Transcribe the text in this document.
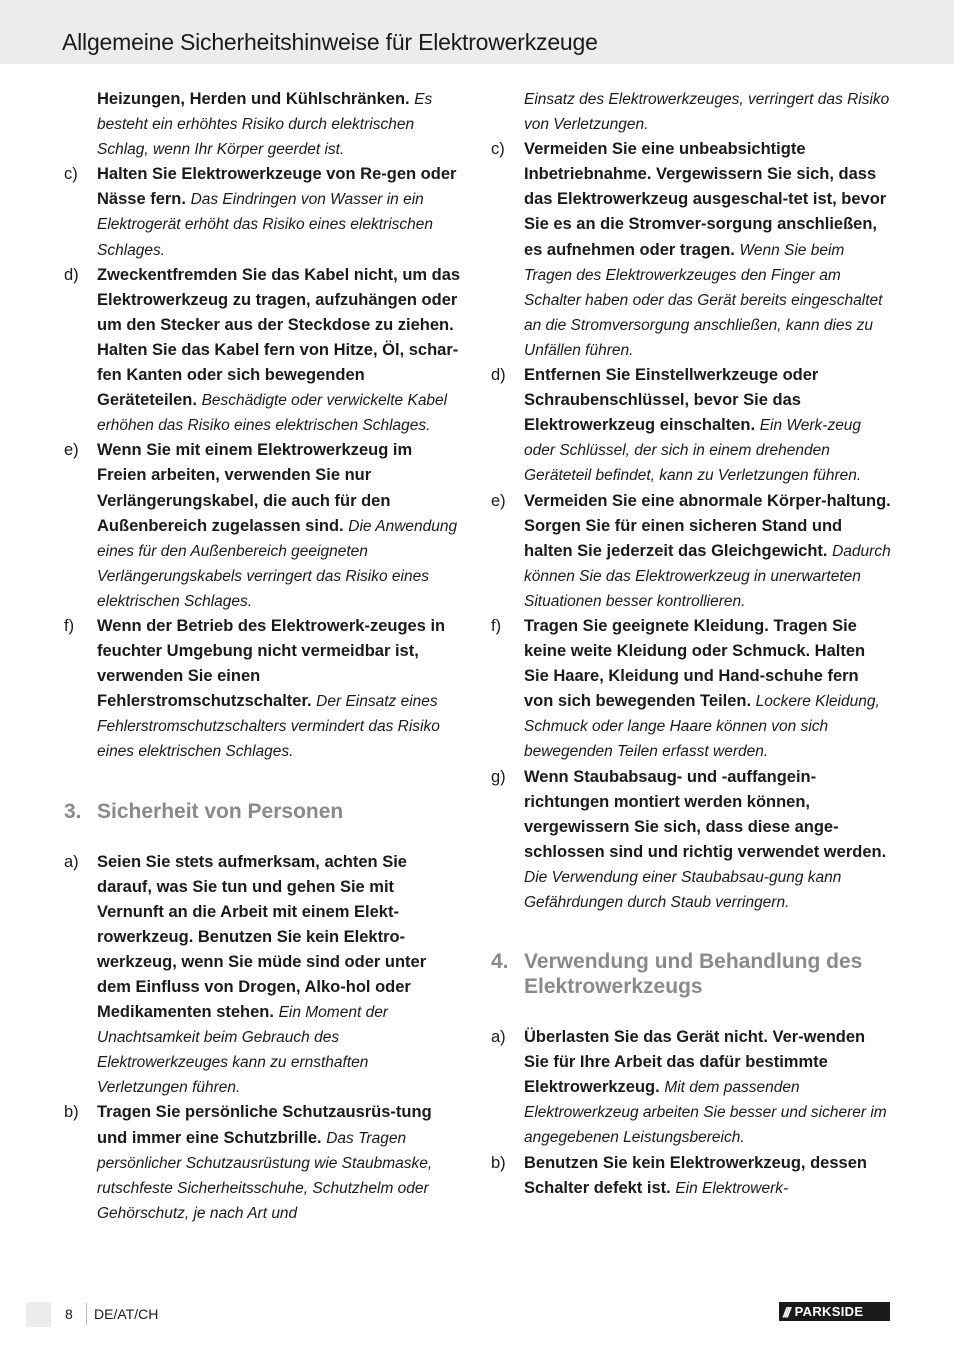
Allgemeine Sicherheitshinweise für Elektrowerkzeuge
Heizungen, Herden und Kühlschränken. Es besteht ein erhöhtes Risiko durch elektrischen Schlag, wenn Ihr Körper geerdet ist.
c) Halten Sie Elektrowerkzeuge von Re-gen oder Nässe fern. Das Eindringen von Wasser in ein Elektrogerät erhöht das Risiko eines elektrischen Schlages.
d) Zweckentfremden Sie das Kabel nicht, um das Elektrowerkzeug zu tragen, aufzuhängen oder um den Stecker aus der Steckdose zu ziehen. Halten Sie das Kabel fern von Hitze, Öl, schar-fen Kanten oder sich bewegenden Geräteteilen. Beschädigte oder verwickelte Kabel erhöhen das Risiko eines elektrischen Schlages.
e) Wenn Sie mit einem Elektrowerkzeug im Freien arbeiten, verwenden Sie nur Verlängerungskabel, die auch für den Außenbereich zugelassen sind. Die Anwendung eines für den Außenbereich geeigneten Verlängerungskabels verringert das Risiko eines elektrischen Schlages.
f) Wenn der Betrieb des Elektrowerk-zeuges in feuchter Umgebung nicht vermeidbar ist, verwenden Sie einen Fehlerstromschutzschalter. Der Einsatz eines Fehlerstromschutzschalters vermindert das Risiko eines elektrischen Schlages.
3. Sicherheit von Personen
a) Seien Sie stets aufmerksam, achten Sie darauf, was Sie tun und gehen Sie mit Vernunft an die Arbeit mit einem Elekt-rowerkzeug. Benutzen Sie kein Elektro-werkzeug, wenn Sie müde sind oder unter dem Einfluss von Drogen, Alko-hol oder Medikamenten stehen. Ein Moment der Unachtsamkeit beim Gebrauch des Elektrowerkzeuges kann zu ernsthaften Verletzungen führen.
b) Tragen Sie persönliche Schutzausrüs-tung und immer eine Schutzbrille. Das Tragen persönlicher Schutzausrüstung wie Staubmaske, rutschfeste Sicherheitsschuhe, Schutzhelm oder Gehörschutz, je nach Art und
Einsatz des Elektrowerkzeuges, verringert das Risiko von Verletzungen.
c) Vermeiden Sie eine unbeabsichtigte Inbetriebnahme. Vergewissern Sie sich, dass das Elektrowerkzeug ausgeschal-tet ist, bevor Sie es an die Stromver-sorgung anschließen, es aufnehmen oder tragen. Wenn Sie beim Tragen des Elektrowerkzeuges den Finger am Schalter haben oder das Gerät bereits eingeschaltet an die Stromversorgung anschließen, kann dies zu Unfällen führen.
d) Entfernen Sie Einstellwerkzeuge oder Schraubenschlüssel, bevor Sie das Elektrowerkzeug einschalten. Ein Werk-zeug oder Schlüssel, der sich in einem drehenden Geräteteil befindet, kann zu Verletzungen führen.
e) Vermeiden Sie eine abnormale Körper-haltung. Sorgen Sie für einen sicheren Stand und halten Sie jederzeit das Gleichgewicht. Dadurch können Sie das Elektrowerkzeug in unerwarteten Situationen besser kontrollieren.
f) Tragen Sie geeignete Kleidung. Tragen Sie keine weite Kleidung oder Schmuck. Halten Sie Haare, Kleidung und Hand-schuhe fern von sich bewegenden Teilen. Lockere Kleidung, Schmuck oder lange Haare können von sich bewegenden Teilen erfasst werden.
g) Wenn Staubabsaug- und -auffangein-richtungen montiert werden können, vergewissern Sie sich, dass diese ange-schlossen sind und richtig verwendet werden. Die Verwendung einer Staubabsau-gung kann Gefährdungen durch Staub verringern.
4. Verwendung und Behandlung des Elektrowerkzeugs
a) Überlasten Sie das Gerät nicht. Ver-wenden Sie für Ihre Arbeit das dafür bestimmte Elektrowerkzeug. Mit dem passenden Elektrowerkzeug arbeiten Sie besser und sicherer im angegebenen Leistungsbereich.
b) Benutzen Sie kein Elektrowerkzeug, dessen Schalter defekt ist. Ein Elektrowerk-
8 DE/AT/CH	/// PARKSIDE
